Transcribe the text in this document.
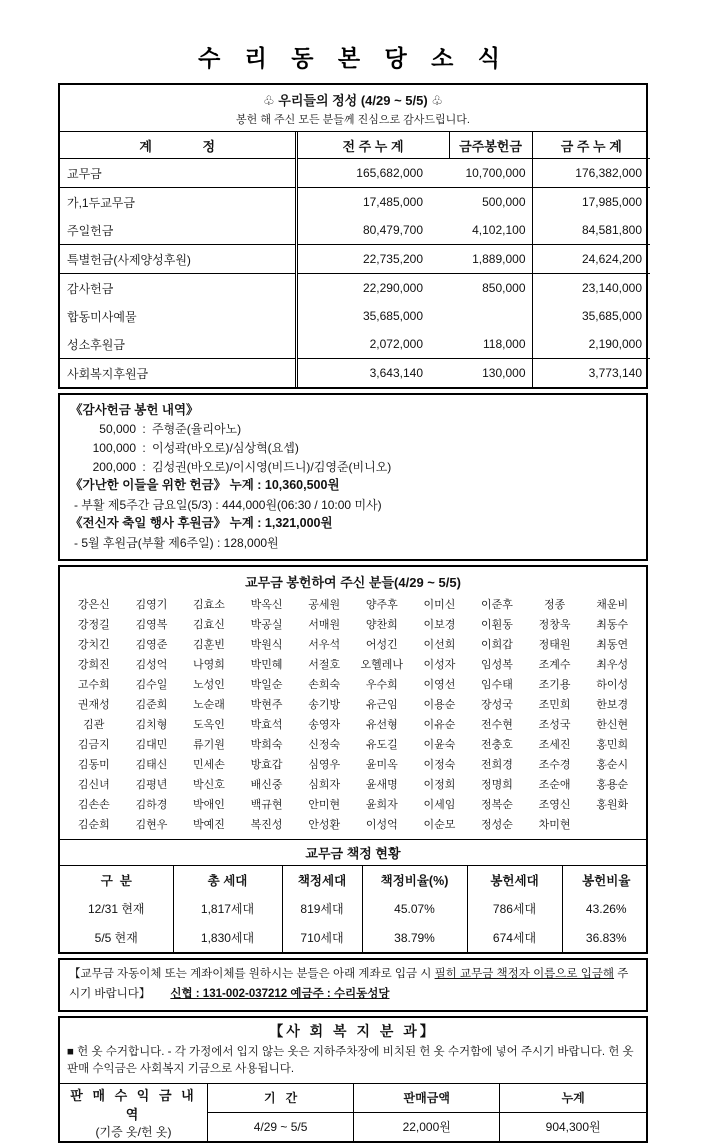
수 리 동 본 당 소 식
♧ 우리들의 정성 (4/29 ~ 5/5) ♧
봉헌 해 주신 모든 분들께 진심으로 감사드립니다.
계              정	전 주 누 계	금주봉헌금	금 주 누 계
교무금	165,682,000	10,700,000	176,382,000
가,1두교무금	17,485,000	500,000	17,985,000
주일헌금	80,479,700	4,102,100	84,581,800
특별헌금(사제양성후원)	22,735,200	1,889,000	24,624,200
감사헌금	22,290,000	850,000	23,140,000
합동미사예물	35,685,000		35,685,000
성소후원금	2,072,000	118,000	2,190,000
사회복지후원금	3,643,140	130,000	3,773,140
《감사헌금 봉헌 내역》
50,000 : 주형준(율리아노)
100,000 : 이성곽(바오로)/심상혁(요셉)
200,000 : 김성권(바오로)/이시영(비드니)/김영준(비니오)
《가난한 이들을 위한 헌금》 누계 : 10,360,500원
- 부활 제5주간 금요일(5/3) : 444,000원(06:30 / 10:00 미사)
《전신자 축일 행사 후원금》 누계 : 1,321,000원
- 5월 후원금(부활 제6주일) : 128,000원
교무금 봉헌하여 주신 분들(4/29 ~ 5/5)
강은신	김영기	김효소	박옥신	공세원	양주후	이미신	이준후	정종	채운비
강정길	김영복	김효신	박공실	서매원	양찬희	이보경	이훤동	정창욱	최동수
강치긴	김영준	김훈빈	박원식	서우석	어성긴	이선희	이희갑	정태원	최동연
강희진	김성억	나영희	박민혜	서절호	오헬레나	이성자	임성복	조계수	최우성
고수희	김수일	노성인	박일순	손희숙	우수희	이영선	임수태	조기용	하이성
권재성	김준희	노순래	박현주	송기방	유근임	이용순	장성국	조민희	한보경
김관	김치형	도옥인	박효석	송영자	유선형	이유순	전수현	조성국	한신현
김금지	김대민	류기원	박희숙	신정숙	유도길	이윤숙	전충호	조세진	홍민희
김동미	김태신	민세손	방효갑	심영우	윤미옥	이정숙	전희경	조수경	홍순시
김신녀	김평년	박신호	배신중	심희자	윤새명	이정희	정명희	조순애	홍용순
김손손	김하경	박애인	백규현	안미현	윤희자	이세임	정복순	조영신	홍원화
김순희	김현우	박예진	복진성	안성환	이성억	이순모	정성순	차미현
교무금 책정 현황
구  분	총 세대	책정세대	책정비율(%)	봉헌세대	봉헌비율
12/31 현재	1,817세대	819세대	45.07%	786세대	43.26%
5/5 현재	1,830세대	710세대	38.79%	674세대	36.83%
【교무금 자동이체 또는 계좌이체를 원하시는 분들은 아래 계좌로 입금 시 필히 교무금 책정자 이름으로 입금해 주시기 바랍니다】 신협 : 131-002-037212 예금주 : 수리동성당
【사 회 복 지 분 과】
■ 헌 옷 수거합니다. - 각 가정에서 입지 않는 옷은 지하주차장에 비치된 헌 옷 수거함에 넣어 주시기 바랍니다. 헌 옷 판매 수익금은 사회복지 기금으로 사용됩니다.
판 매 수 익 금 내 역
(기증 옷/헌 옷)	기   간	판매금액	누계
	4/29 ~ 5/5	22,000원	904,300원
